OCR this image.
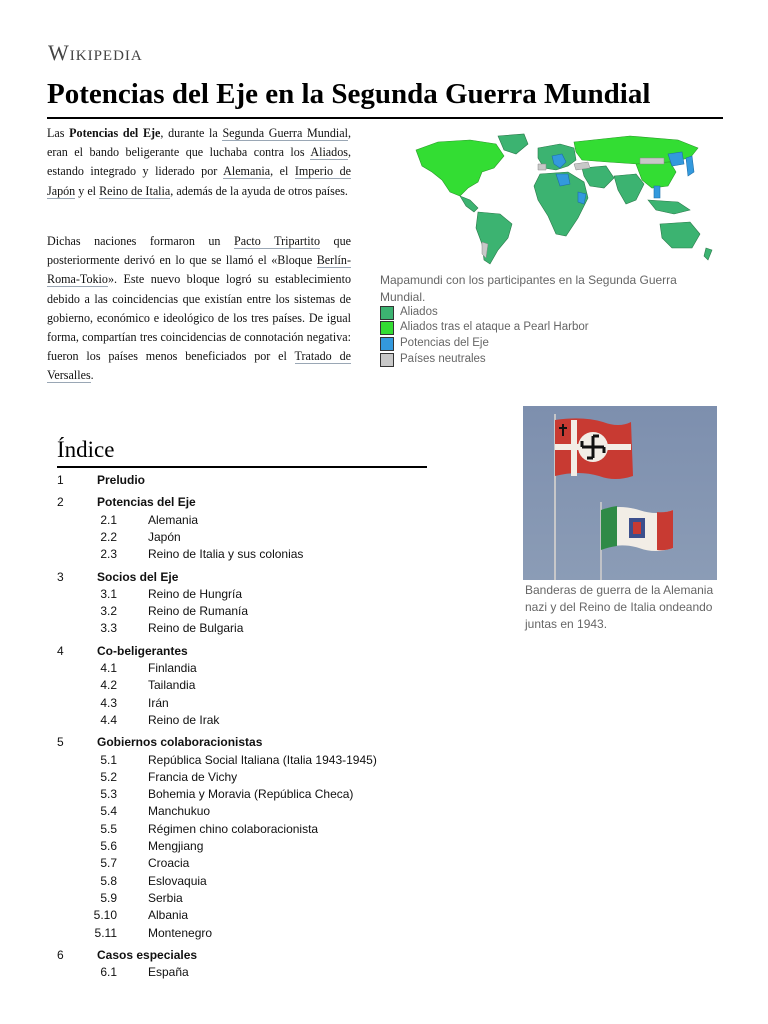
Wikipedia
Potencias del Eje en la Segunda Guerra Mundial
Las Potencias del Eje, durante la Segunda Guerra Mundial, eran el bando beligerante que luchaba contra los Aliados, estando integrado y liderado por Alemania, el Imperio de Japón y el Reino de Italia, además de la ayuda de otros países.
Dichas naciones formaron un Pacto Tripartito que posteriormente derivó en lo que se llamó el «Bloque Berlín-Roma-Tokio». Este nuevo bloque logró su establecimiento debido a las coincidencias que existían entre los sistemas de gobierno, económico e ideológico de los tres países. De igual forma, compartían tres coincidencias de connotación negativa: fueron los países menos beneficiados por el Tratado de Versalles.
Mapamundi con los participantes en la Segunda Guerra Mundial.
Aliados
Aliados tras el ataque a Pearl Harbor
Potencias del Eje
Países neutrales
Banderas de guerra de la Alemania nazi y del Reino de Italia ondeando juntas en 1943.
Índice
1	Preludio
2	Potencias del Eje
2.1	Alemania
2.2	Japón
2.3	Reino de Italia y sus colonias
3	Socios del Eje
3.1	Reino de Hungría
3.2	Reino de Rumanía
3.3	Reino de Bulgaria
4	Co-beligerantes
4.1	Finlandia
4.2	Tailandia
4.3	Irán
4.4	Reino de Irak
5	Gobiernos colaboracionistas
5.1	República Social Italiana (Italia 1943-1945)
5.2	Francia de Vichy
5.3	Bohemia y Moravia (República Checa)
5.4	Manchukuo
5.5	Régimen chino colaboracionista
5.6	Mengjiang
5.7	Croacia
5.8	Eslovaquia
5.9	Serbia
5.10	Albania
5.11	Montenegro
6	Casos especiales
6.1	España
